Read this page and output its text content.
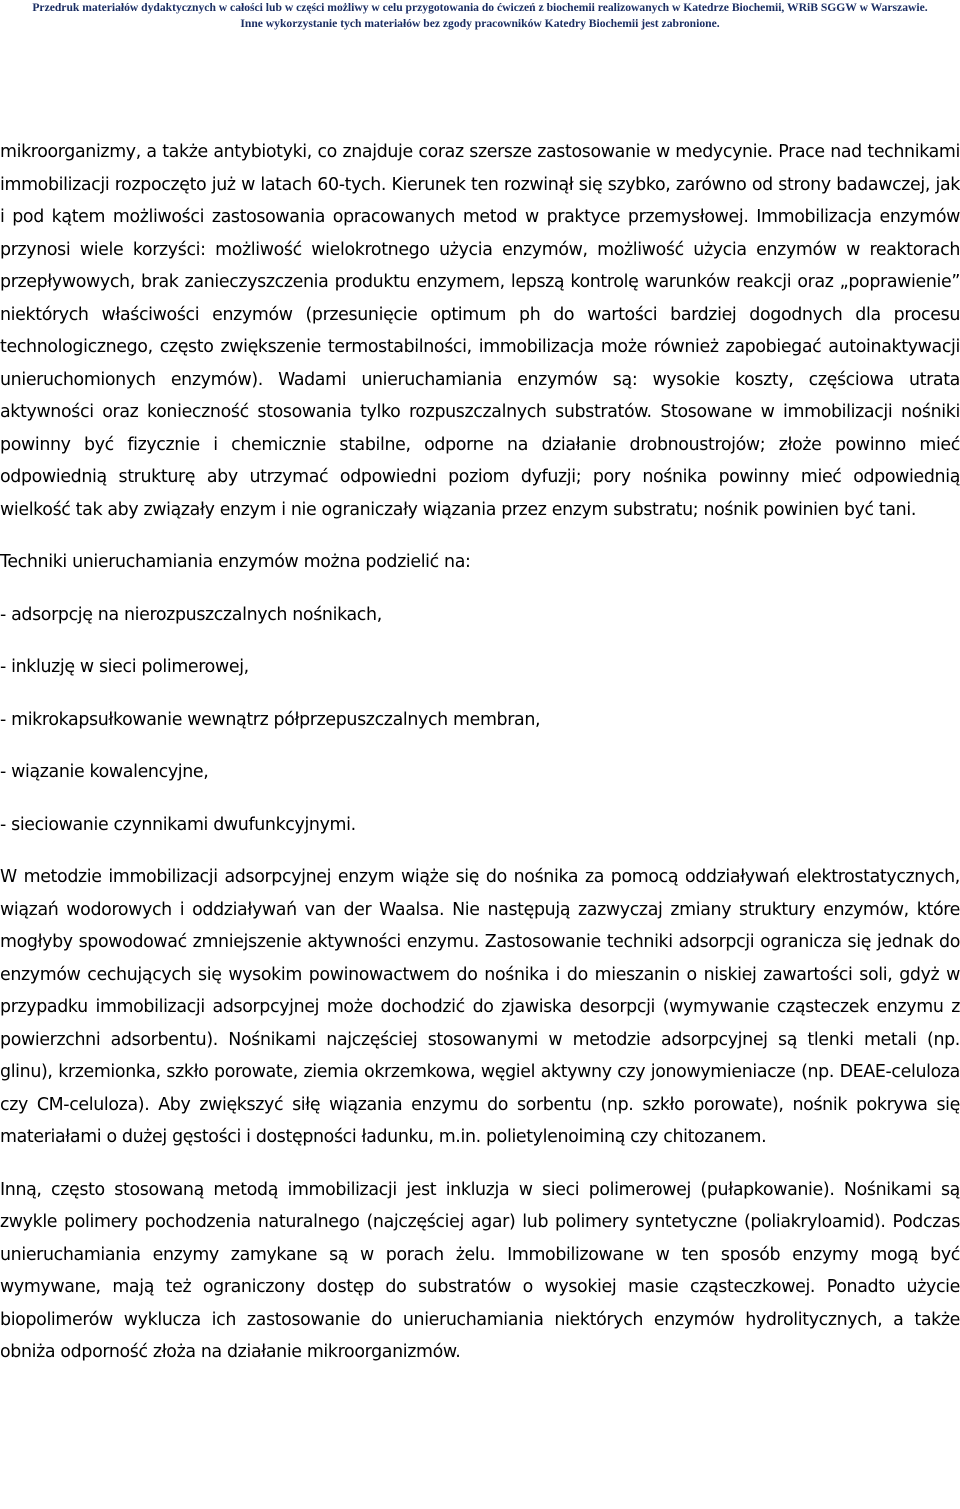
Przedruk materiałów dydaktycznych w całości lub w części możliwy w celu przygotowania do ćwiczeń z biochemii realizowanych w Katedrze Biochemii, WRiB SGGW w Warszawie.
Inne wykorzystanie tych materiałów bez zgody pracowników Katedry Biochemii jest zabronione.

mikroorganizmy, a także antybiotyki, co znajduje coraz szersze zastosowanie w medycynie. Prace nad technikami immobilizacji rozpoczęto już w latach 60-tych. Kierunek ten rozwinął się szybko, zarówno od strony badawczej, jak i pod kątem możliwości zastosowania opracowanych metod w praktyce przemysłowej. Immobilizacja enzymów przynosi wiele korzyści: możliwość wielokrotnego użycia enzymów, możliwość użycia enzymów w reaktorach przepływowych, brak zanieczyszczenia produktu enzymem, lepszą kontrolę warunków reakcji oraz „poprawienie” niektórych właściwości enzymów (przesunięcie optimum ph do wartości bardziej dogodnych dla procesu technologicznego, często zwiększenie termostabilności, immobilizacja może również zapobiegać autoinaktywacji unieruchomionych enzymów). Wadami unieruchamiania enzymów są: wysokie koszty, częściowa utrata aktywności oraz konieczność stosowania tylko rozpuszczalnych substratów. Stosowane w immobilizacji nośniki powinny być fizycznie i chemicznie stabilne, odporne na działanie drobnoustrojów; złoże powinno mieć odpowiednią strukturę aby utrzymać odpowiedni poziom dyfuzji; pory nośnika powinny mieć odpowiednią wielkość tak aby związały enzym i nie ograniczały wiązania przez enzym substratu; nośnik powinien być tani.

Techniki unieruchamiania enzymów można podzielić na:

- adsorpcję na nierozpuszczalnych nośnikach,

- inkluzję w sieci polimerowej,

- mikrokapsułkowanie wewnątrz półprzepuszczalnych membran,

- wiązanie kowalencyjne,

- sieciowanie czynnikami dwufunkcyjnymi.

W metodzie immobilizacji adsorpcyjnej enzym wiąże się do nośnika za pomocą oddziaływań elektrostatycznych, wiązań wodorowych i oddziaływań van der Waalsa. Nie następują zazwyczaj zmiany struktury enzymów, które mogłyby spowodować zmniejszenie aktywności enzymu. Zastosowanie techniki adsorpcji ogranicza się jednak do enzymów cechujących się wysokim powinowactwem do nośnika i do mieszanin o niskiej zawartości soli, gdyż w przypadku immobilizacji adsorpcyjnej może dochodzić do zjawiska desorpcji (wymywanie cząsteczek enzymu z powierzchni adsorbentu). Nośnikami najczęściej stosowanymi w metodzie adsorpcyjnej są tlenki metali (np. glinu), krzemionka, szkło porowate, ziemia okrzemkowa, węgiel aktywny czy jonowymieniacze (np. DEAE-celuloza czy CM-celuloza). Aby zwiększyć siłę wiązania enzymu do sorbentu (np. szkło porowate), nośnik pokrywa się materiałami o dużej gęstości i dostępności ładunku, m.in. polietylenoiminą czy chitozanem.

Inną, często stosowaną metodą immobilizacji jest inkluzja w sieci polimerowej (pułapkowanie). Nośnikami są zwykle polimery pochodzenia naturalnego (najczęściej agar) lub polimery syntetyczne (poliakryloamid). Podczas unieruchamiania enzymy zamykane są w porach żelu. Immobilizowane w ten sposób enzymy mogą być wymywane, mają też ograniczony dostęp do substratów o wysokiej masie cząsteczkowej. Ponadto użycie biopolimerów wyklucza ich zastosowanie do unieruchamiania niektórych enzymów hydrolitycznych, a także obniża odporność złoża na działanie mikroorganizmów.
